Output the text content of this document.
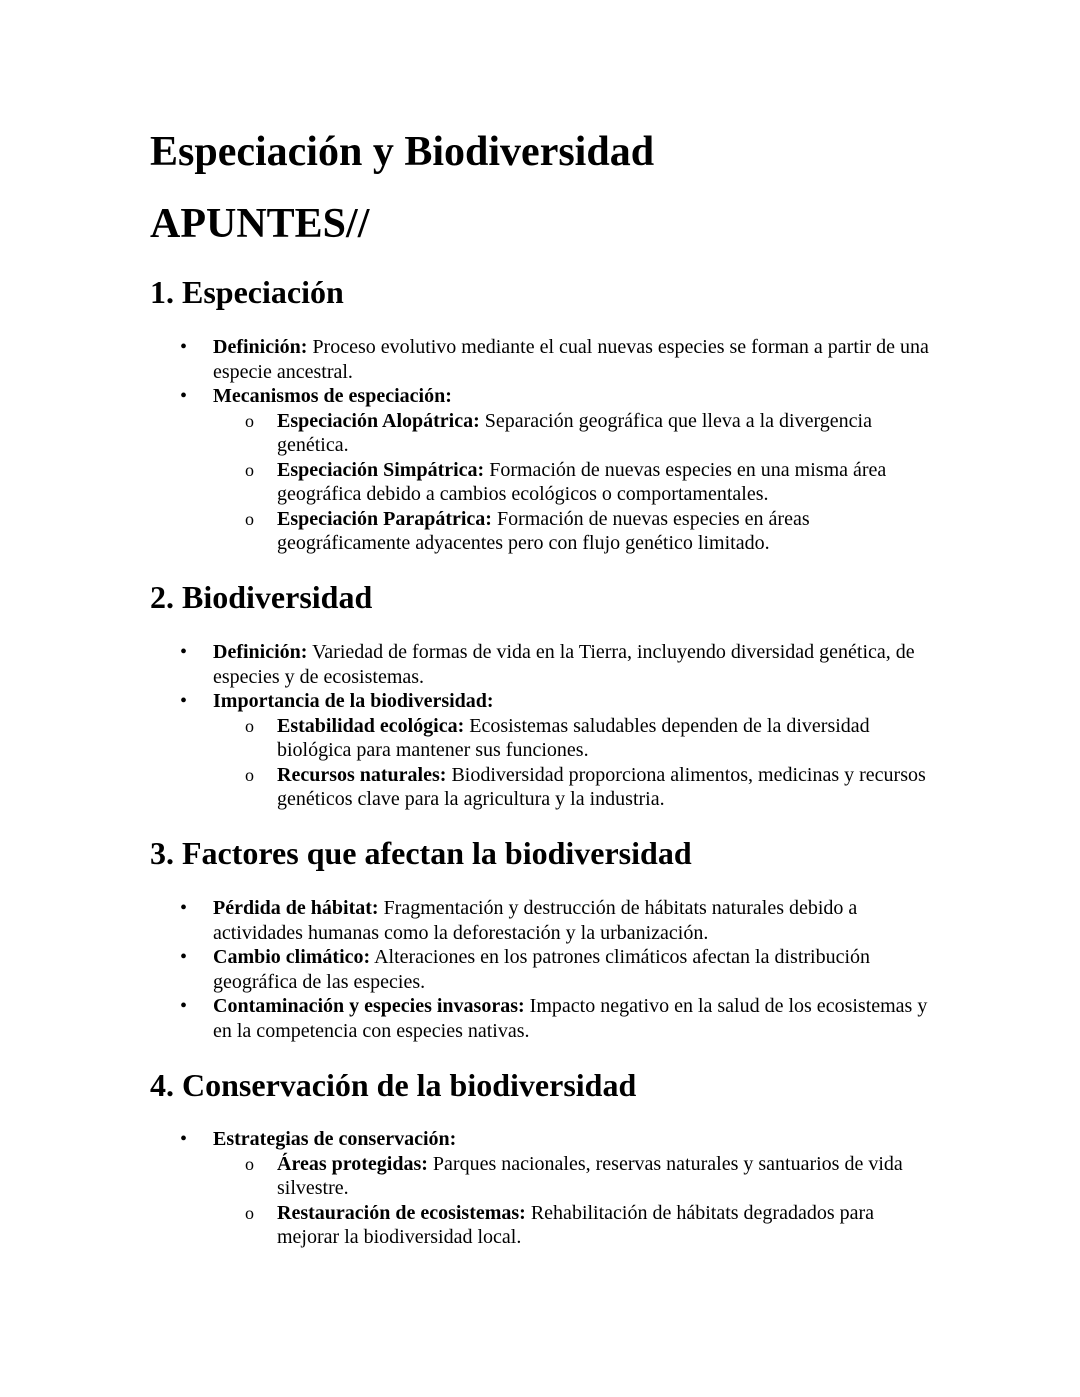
Especiación y Biodiversidad
APUNTES//
1. Especiación
• Definición: Proceso evolutivo mediante el cual nuevas especies se forman a partir de una especie ancestral.
• Mecanismos de especiación:
o Especiación Alopátrica: Separación geográfica que lleva a la divergencia genética.
o Especiación Simpátrica: Formación de nuevas especies en una misma área geográfica debido a cambios ecológicos o comportamentales.
o Especiación Parapátrica: Formación de nuevas especies en áreas geográficamente adyacentes pero con flujo genético limitado.
2. Biodiversidad
• Definición: Variedad de formas de vida en la Tierra, incluyendo diversidad genética, de especies y de ecosistemas.
• Importancia de la biodiversidad:
o Estabilidad ecológica: Ecosistemas saludables dependen de la diversidad biológica para mantener sus funciones.
o Recursos naturales: Biodiversidad proporciona alimentos, medicinas y recursos genéticos clave para la agricultura y la industria.
3. Factores que afectan la biodiversidad
• Pérdida de hábitat: Fragmentación y destrucción de hábitats naturales debido a actividades humanas como la deforestación y la urbanización.
• Cambio climático: Alteraciones en los patrones climáticos afectan la distribución geográfica de las especies.
• Contaminación y especies invasoras: Impacto negativo en la salud de los ecosistemas y en la competencia con especies nativas.
4. Conservación de la biodiversidad
• Estrategias de conservación:
o Áreas protegidas: Parques nacionales, reservas naturales y santuarios de vida silvestre.
o Restauración de ecosistemas: Rehabilitación de hábitats degradados para mejorar la biodiversidad local.
